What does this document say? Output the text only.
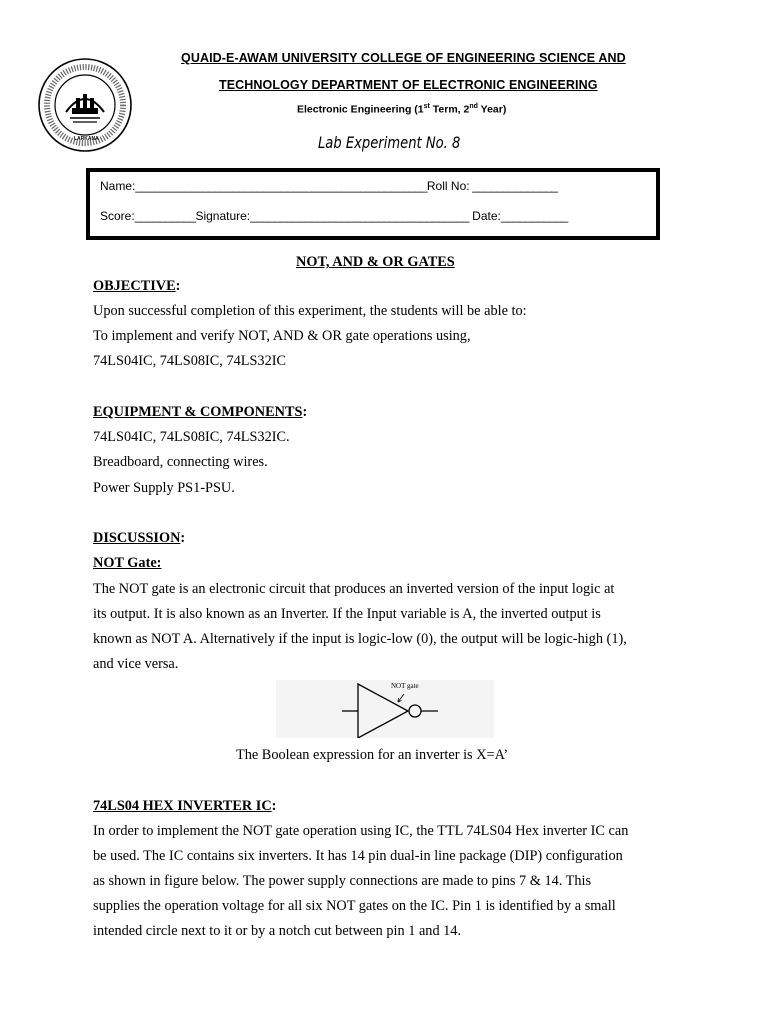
LARKANA
QUAID-E-AWAM UNIVERSITY COLLEGE OF ENGINEERING SCIENCE AND
TECHNOLOGY DEPARTMENT OF ELECTRONIC ENGINEERING
Electronic Engineering (1st Term, 2nd Year)
Lab Experiment No. 8
Name:________________________________________________Roll No: ______________
Score:__________Signature:____________________________________ Date:___________
NOT, AND & OR GATES
OBJECTIVE:
Upon successful completion of this experiment, the students will be able to:
To implement and verify NOT, AND & OR gate operations using,
74LS04IC, 74LS08IC, 74LS32IC
EQUIPMENT & COMPONENTS:
74LS04IC, 74LS08IC, 74LS32IC.
Breadboard, connecting wires.
Power Supply PS1-PSU.
DISCUSSION:
NOT Gate:
The NOT gate is an electronic circuit that produces an inverted version of the input logic at
its output. It is also known as an Inverter. If the Input variable is A, the inverted output is
known as NOT A. Alternatively if the input is logic-low (0), the output will be logic-high (1),
and vice versa.
NOT gate
The Boolean expression for an inverter is X=A’
74LS04 HEX INVERTER IC:
In order to implement the NOT gate operation using IC, the TTL 74LS04 Hex inverter IC can
be used. The IC contains six inverters. It has 14 pin dual-in line package (DIP) configuration
as shown in figure below. The power supply connections are made to pins 7 & 14. This
supplies the operation voltage for all six NOT gates on the IC. Pin 1 is identified by a small
intended circle next to it or by a notch cut between pin 1 and 14.
